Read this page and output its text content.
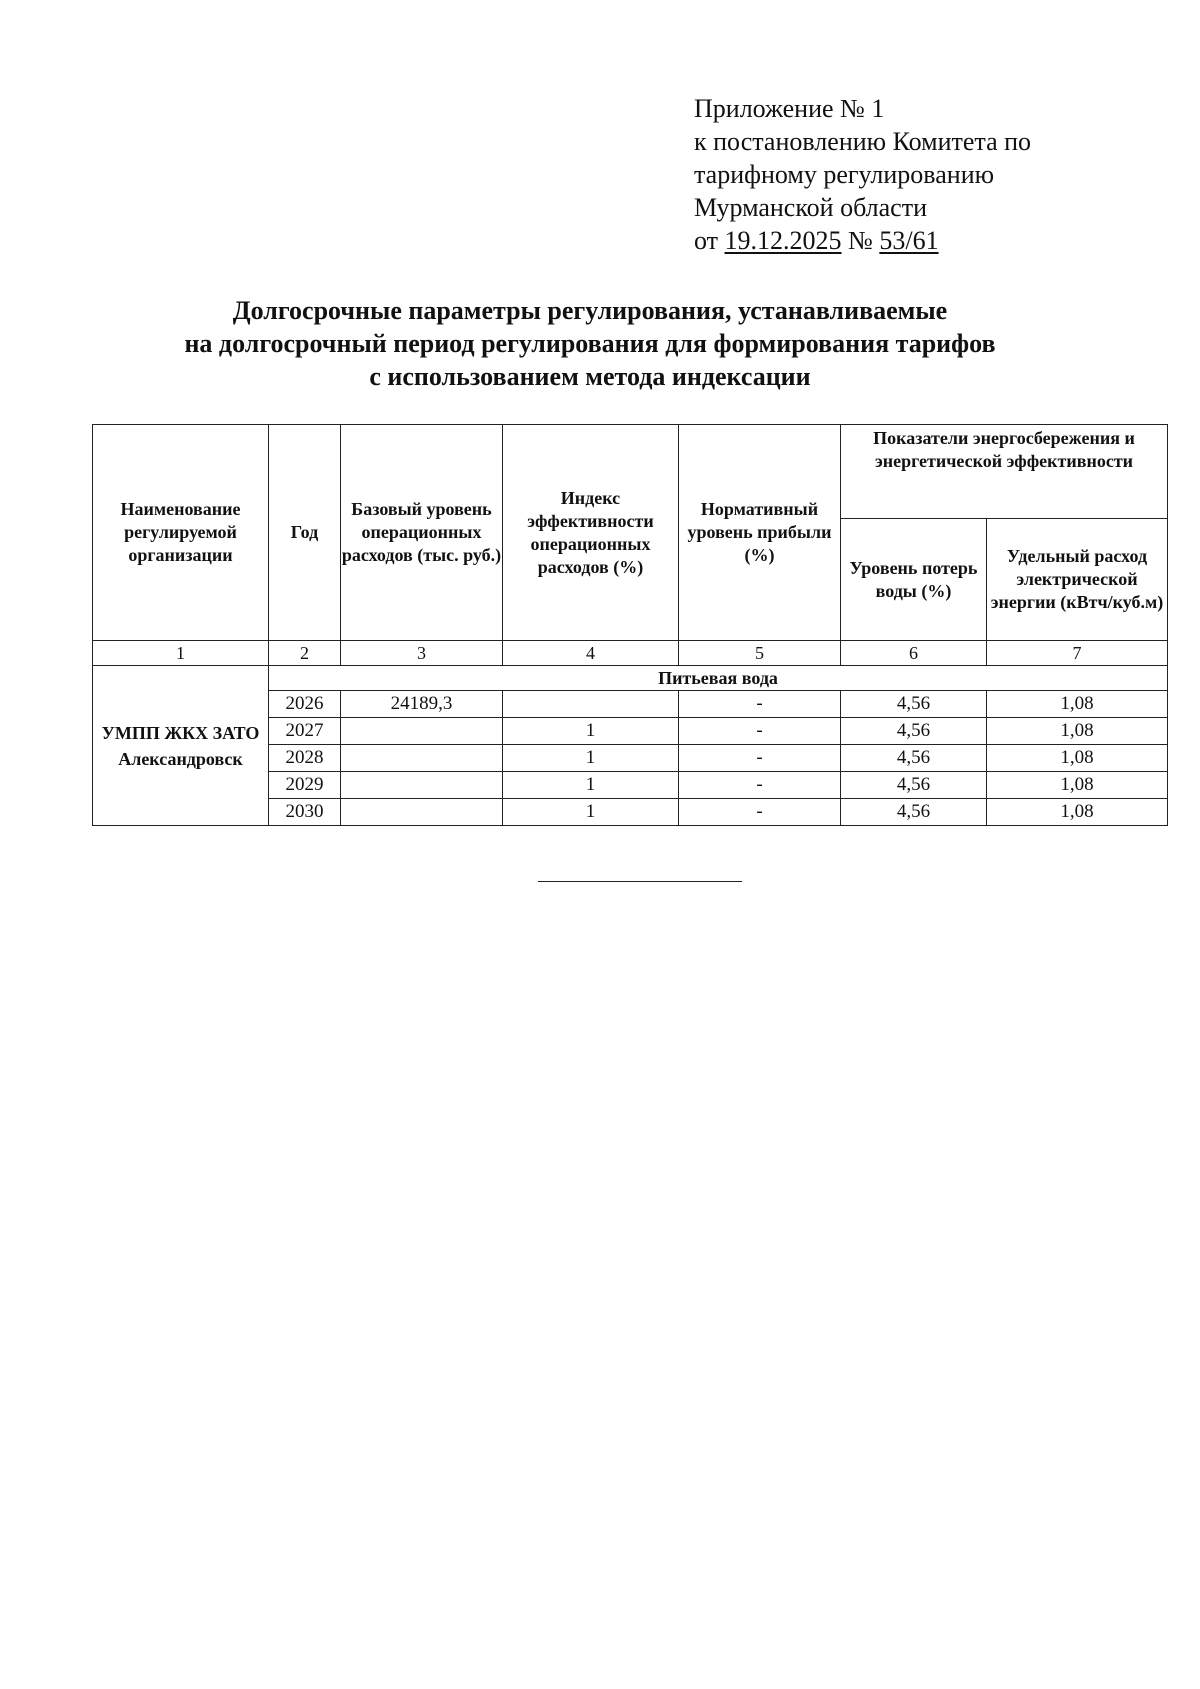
Приложение № 1
к постановлению Комитета по
тарифному регулированию
Мурманской области
от 19.12.2025 № 53/61
Долгосрочные параметры регулирования, устанавливаемые
на долгосрочный период регулирования для формирования тарифов
с использованием метода индексации
Наименование регулируемой организации	Год	Базовый уровень операционных расходов (тыс. руб.)	Индекс эффективности операционных расходов (%)	Нормативный уровень прибыли (%)	Показатели энергосбережения и энергетической эффективности	
					Уровень потерь воды (%)	Удельный расход электрической энергии (кВтч/куб.м)
1	2	3	4	5	6	7
УМПП ЖКХ ЗАТО Александровск	Питьевая вода					
	2026	24189,3		-	4,56	1,08
	2027		1	-	4,56	1,08
	2028		1	-	4,56	1,08
	2029		1	-	4,56	1,08
	2030		1	-	4,56	1,08
